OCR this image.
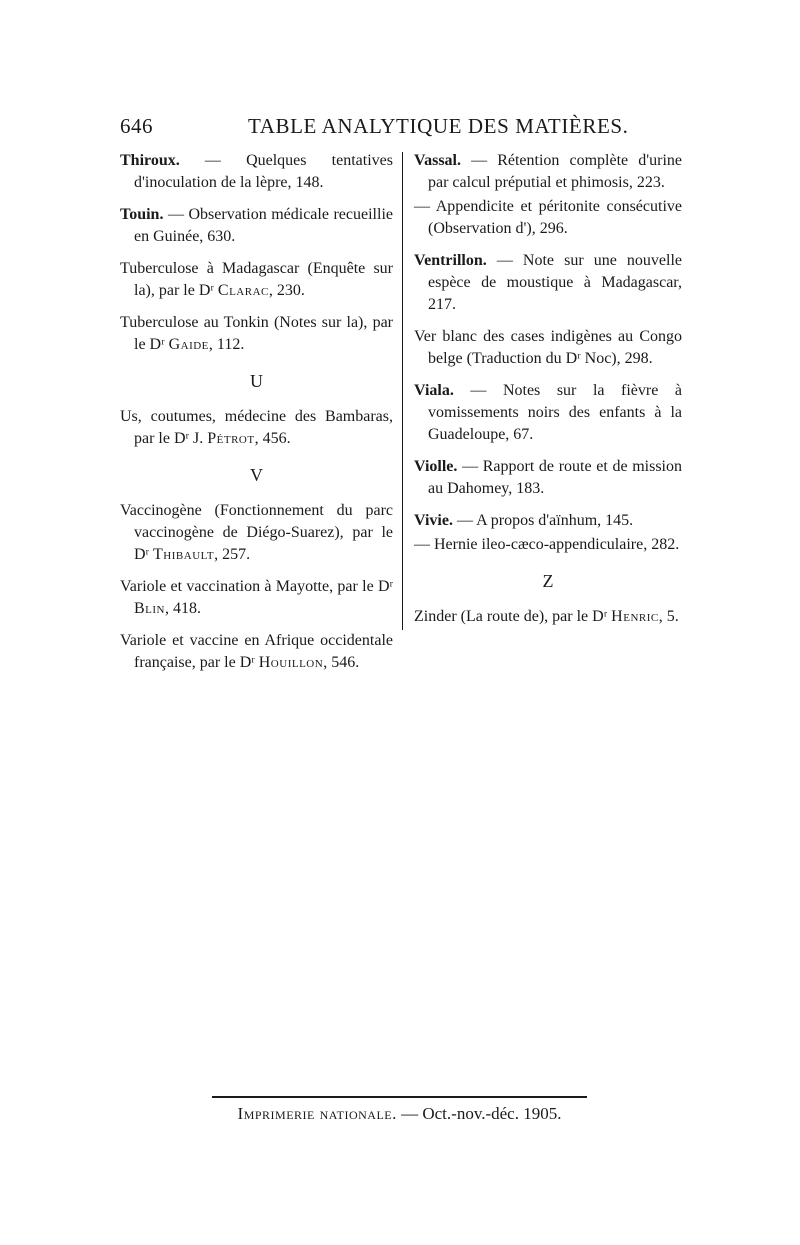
646	TABLE ANALYTIQUE DES MATIÈRES.

Thiroux. — Quelques tentatives d'inoculation de la lèpre, 148.

Touin. — Observation médicale recueillie en Guinée, 630.

Tuberculose à Madagascar (Enquête sur la), par le Dʳ Clarac, 230.

Tuberculose au Tonkin (Notes sur la), par le Dʳ Gaide, 112.

U

Us, coutumes, médecine des Bambaras, par le Dʳ J. Pétrot, 456.

V

Vaccinogène (Fonctionnement du parc vaccinogène de Diégo-Suarez), par le Dʳ Thibault, 257.

Variole et vaccination à Mayotte, par le Dʳ Blin, 418.

Variole et vaccine en Afrique occidentale française, par le Dʳ Houillon, 546.

Vassal. — Rétention complète d'urine par calcul préputial et phimosis, 223.

— Appendicite et péritonite consécutive (Observation d'), 296.

Ventrillon. — Note sur une nouvelle espèce de moustique à Madagascar, 217.

Ver blanc des cases indigènes au Congo belge (Traduction du Dʳ Noc), 298.

Viala. — Notes sur la fièvre à vomissements noirs des enfants à la Guadeloupe, 67.

Violle. — Rapport de route et de mission au Dahomey, 183.

Vivie. — A propos d'aïnhum, 145.

— Hernie ileo-cæco-appendiculaire, 282.

Z

Zinder (La route de), par le Dʳ Henric, 5.

Imprimerie nationale. — Oct.-nov.-déc. 1905.
